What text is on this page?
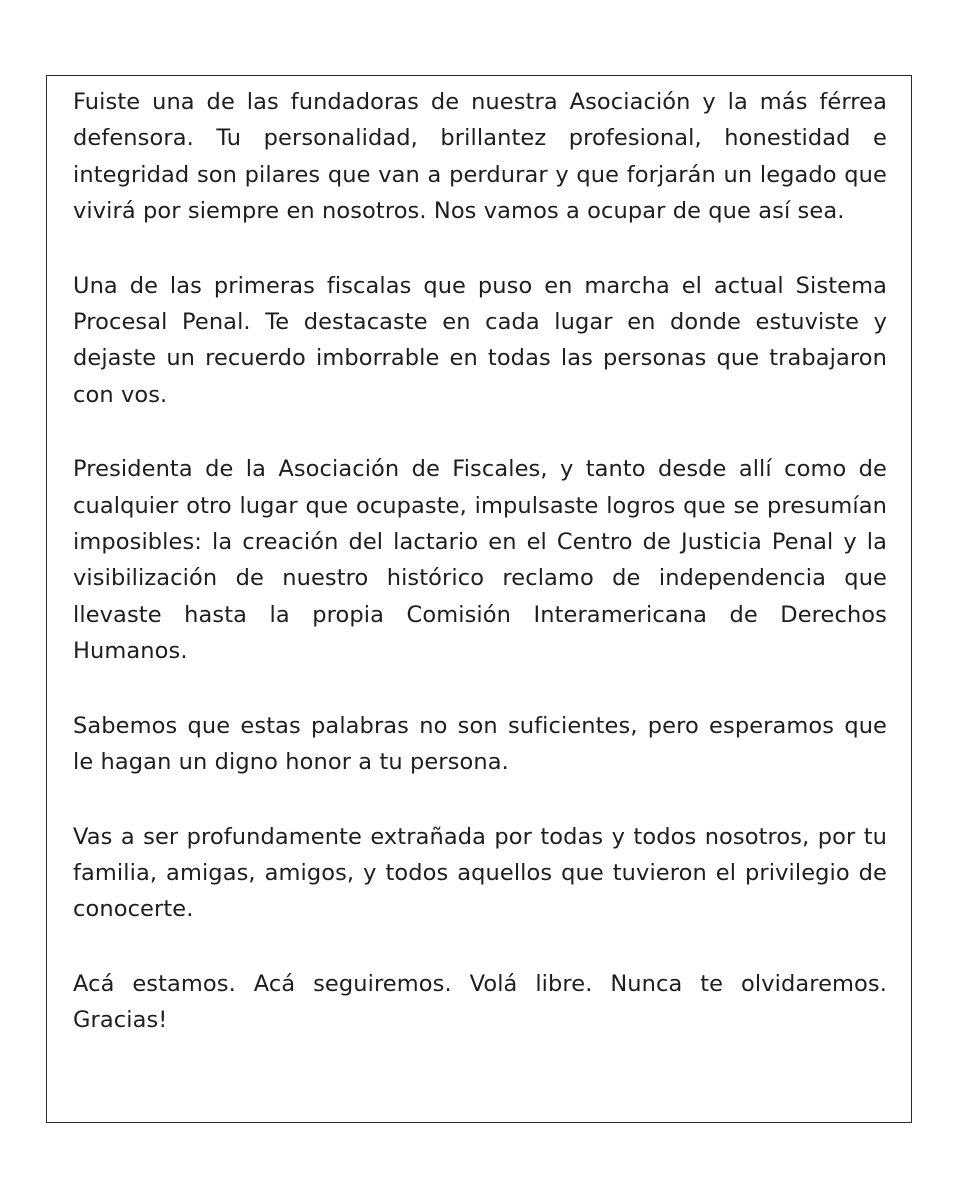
Fuiste una de las fundadoras de nuestra Asociación y la más férrea defensora. Tu personalidad, brillantez profesional, honestidad e integridad son pilares que van a perdurar y que forjarán un legado que vivirá por siempre en nosotros. Nos vamos a ocupar de que así sea.

Una de las primeras fiscalas que puso en marcha el actual Sistema Procesal Penal. Te destacaste en cada lugar en donde estuviste y dejaste un recuerdo imborrable en todas las personas que trabajaron con vos.

Presidenta de la Asociación de Fiscales, y tanto desde allí como de cualquier otro lugar que ocupaste, impulsaste logros que se presumían imposibles: la creación del lactario en el Centro de Justicia Penal y la visibilización de nuestro histórico reclamo de independencia que llevaste hasta la propia Comisión Interamericana de Derechos Humanos.

Sabemos que estas palabras no son suficientes, pero esperamos que le hagan un digno honor a tu persona.

Vas a ser profundamente extrañada por todas y todos nosotros, por tu familia, amigas, amigos, y todos aquellos que tuvieron el privilegio de conocerte.

Acá estamos. Acá seguiremos. Volá libre. Nunca te olvidaremos. Gracias!
